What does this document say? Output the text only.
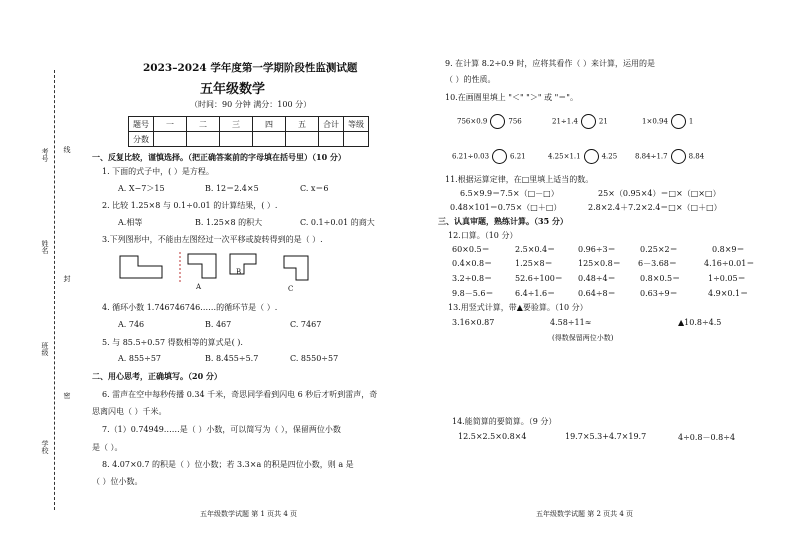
考号 线
姓名
封
班级
密
学校
2023–2024 学年度第一学期阶段性监测试题
五年级数学
（时间：90 分钟 满分：100 分）
题号	一	二	三	四	五	合计	等级
分数							
一、反复比较，谨慎选择。（把正确答案前的字母填在括号里）（10 分）
1. 下面的式子中，( ）是方程。
A. X−7＞15	B. 12＝2.4×5	C. x＝6
2. 比较 1.25×8 与 0.1÷0.01 的计算结果，( ）.
A.相等	B. 1.25×8 的积大	C. 0.1÷0.01 的商大
3.下列图形中，不能由左图经过一次平移或旋转得到的是（ ）.
A
B
C
4. 循环小数 1.746746746……的循环节是（ ）.
A. 746	B. 467	C. 7467
5. 与 85.5÷0.57 得数相等的算式是( ).
A. 855÷57	B. 8.455÷5.7	C. 8550÷57
二、用心思考，正确填写。（20 分）
6. 雷声在空中每秒传播 0.34 千米，奇思同学看到闪电 6 秒后才听到雷声，奇
思离闪电（ ）千米。
7.（1）0.74949……是（ ）小数，可以简写为（ ），保留两位小数
是（ ）。
8. 4.07×0.7 的积是（ ）位小数；若 3.3×a 的积是四位小数，则 a 是
（ ）位小数。
五年级数学试题 第 1 页共 4 页
9. 在计算 8.2÷0.9 时，应将其看作（ ）来计算，运用的是
（ ）的性质。
10.在画圈里填上 "＜" "＞" 或 "＝"。
756×0.9	756	21÷1.4	21	1×0.94	1
6.21÷0.03	6.21	4.25×1.1	4.25	8.84÷1.7	8.84
11.根据运算定律，在□里填上适当的数。
6.5×9.9＝7.5×（□－□）	25×（0.95×4）＝□×（□×□）
0.48×101＝0.75×（□＋□）	2.8×2.4＋7.2×2.4＝□×（□＋□）
三、认真审题，熟练计算。（35 分）
12.口算。（10 分）
60×0.5＝	2.5×0.4＝	0.96÷3＝	0.25×2＝	0.8×9＝
0.4×0.8＝	1.25×8＝	125×0.8＝ 6－3.68＝	4.16÷0.01＝
3.2÷0.8＝	52.6÷100＝ 0.48÷4＝	0.8×0.5＝	1÷0.05＝
9.8－5.6＝	6.4÷1.6＝	0.64÷8＝	0.63÷9＝	4.9×0.1＝
13.用竖式计算，带▲要验算。（10 分）
3.16×0.87	4.58÷11≈	▲10.8÷4.5
(得数保留两位小数)
14.能简算的要简算。（9 分）
12.5×2.5×0.8×4	19.7×5.3+4.7×19.7	4÷0.8－0.8÷4
五年级数学试题 第 2 页共 4 页
